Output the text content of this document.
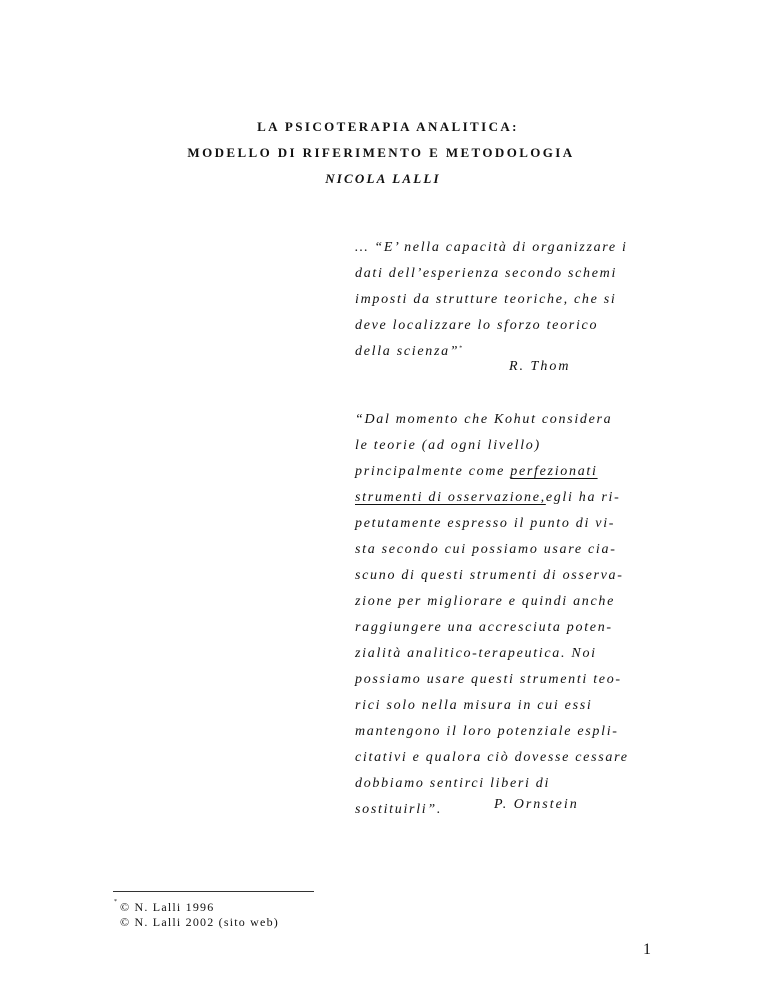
LA PSICOTERAPIA ANALITICA:
MODELLO DI RIFERIMENTO E METODOLOGIA
NICOLA LALLI
… “E’ nella capacità di organizzare i
dati dell’esperienza secondo schemi
imposti da strutture teoriche, che si
deve localizzare lo sforzo teorico
della scienza”*
R. Thom
“Dal momento che Kohut considera
le teorie (ad ogni livello)
principalmente come perfezionati
strumenti di osservazione,egli ha ri-
petutamente espresso il punto di vi-
sta secondo cui possiamo usare cia-
scuno di questi strumenti di osserva-
zione per migliorare e quindi anche
raggiungere una accresciuta poten-
zialità analitico-terapeutica. Noi
possiamo usare questi strumenti teo-
rici solo nella misura in cui essi
mantengono il loro potenziale espli-
citativi e qualora ciò dovesse cessare
dobbiamo sentirci liberi di
sostituirli”.	P. Ornstein
* © N. Lalli 1996
© N. Lalli 2002 (sito web)
1
